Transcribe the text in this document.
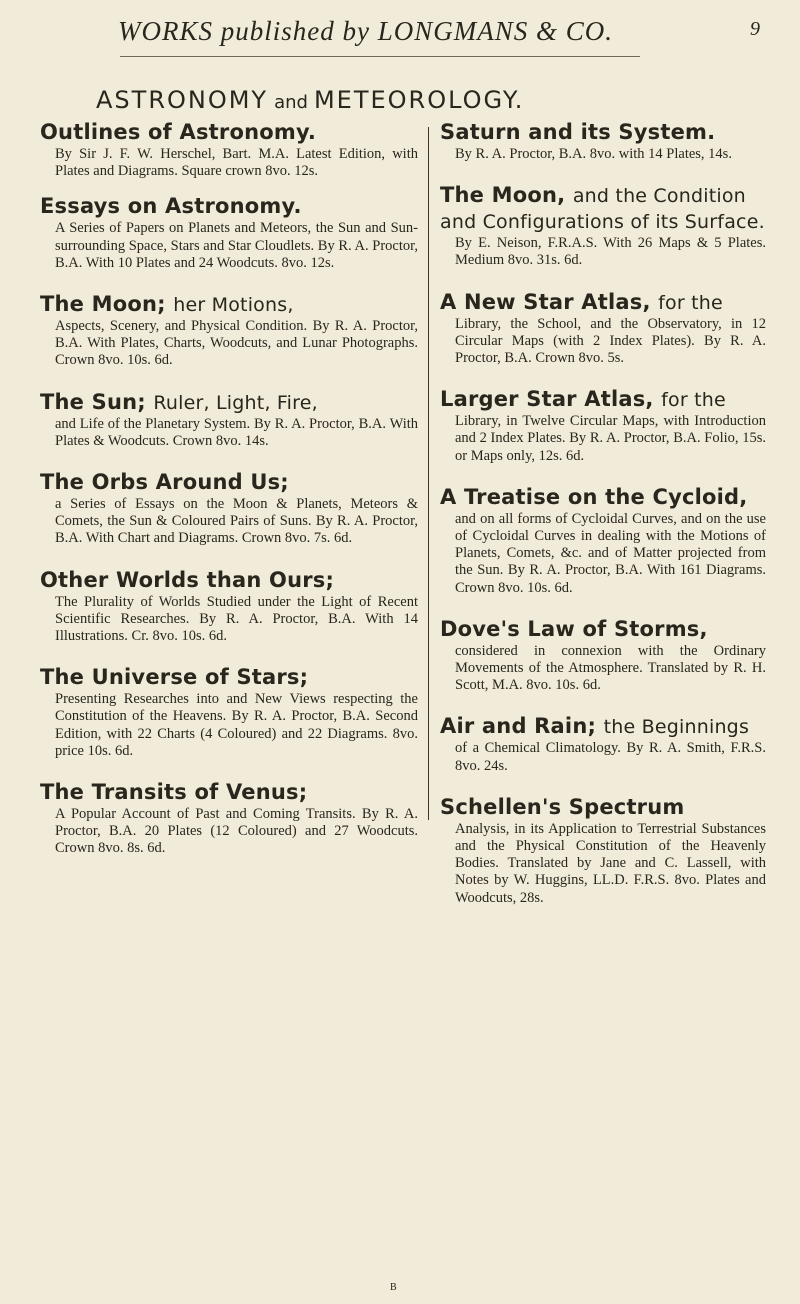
WORKS published by LONGMANS & CO.	9
ASTRONOMY and METEOROLOGY.
Outlines of Astronomy.
By Sir J. F. W. Herschel, Bart. M.A. Latest Edition, with Plates and Diagrams. Square crown 8vo. 12s.
Essays on Astronomy.
A Series of Papers on Planets and Meteors, the Sun and Sun-surrounding Space, Stars and Star Cloudlets. By R. A. Proctor, B.A. With 10 Plates and 24 Woodcuts. 8vo. 12s.
The Moon; her Motions,
Aspects, Scenery, and Physical Condition. By R. A. Proctor, B.A. With Plates, Charts, Woodcuts, and Lunar Photographs. Crown 8vo. 10s. 6d.
The Sun; Ruler, Light, Fire,
and Life of the Planetary System. By R. A. Proctor, B.A. With Plates & Woodcuts. Crown 8vo. 14s.
The Orbs Around Us;
a Series of Essays on the Moon & Planets, Meteors & Comets, the Sun & Coloured Pairs of Suns. By R. A. Proctor, B.A. With Chart and Diagrams. Crown 8vo. 7s. 6d.
Other Worlds than Ours;
The Plurality of Worlds Studied under the Light of Recent Scientific Researches. By R. A. Proctor, B.A. With 14 Illustrations. Cr. 8vo. 10s. 6d.
The Universe of Stars;
Presenting Researches into and New Views respecting the Constitution of the Heavens. By R. A. Proctor, B.A. Second Edition, with 22 Charts (4 Coloured) and 22 Diagrams. 8vo. price 10s. 6d.
The Transits of Venus;
A Popular Account of Past and Coming Transits. By R. A. Proctor, B.A. 20 Plates (12 Coloured) and 27 Woodcuts. Crown 8vo. 8s. 6d.
Saturn and its System.
By R. A. Proctor, B.A. 8vo. with 14 Plates, 14s.
The Moon, and the Condition and Configurations of its Surface.
By E. Neison, F.R.A.S. With 26 Maps & 5 Plates. Medium 8vo. 31s. 6d.
A New Star Atlas, for the
Library, the School, and the Observatory, in 12 Circular Maps (with 2 Index Plates). By R. A. Proctor, B.A. Crown 8vo. 5s.
Larger Star Atlas, for the
Library, in Twelve Circular Maps, with Introduction and 2 Index Plates. By R. A. Proctor, B.A. Folio, 15s. or Maps only, 12s. 6d.
A Treatise on the Cycloid,
and on all forms of Cycloidal Curves, and on the use of Cycloidal Curves in dealing with the Motions of Planets, Comets, &c. and of Matter projected from the Sun. By R. A. Proctor, B.A. With 161 Diagrams. Crown 8vo. 10s. 6d.
Dove's Law of Storms,
considered in connexion with the Ordinary Movements of the Atmosphere. Translated by R. H. Scott, M.A. 8vo. 10s. 6d.
Air and Rain; the Beginnings
of a Chemical Climatology. By R. A. Smith, F.R.S. 8vo. 24s.
Schellen's Spectrum
Analysis, in its Application to Terrestrial Substances and the Physical Constitution of the Heavenly Bodies. Translated by Jane and C. Lassell, with Notes by W. Huggins, LL.D. F.R.S. 8vo. Plates and Woodcuts, 28s.
B
